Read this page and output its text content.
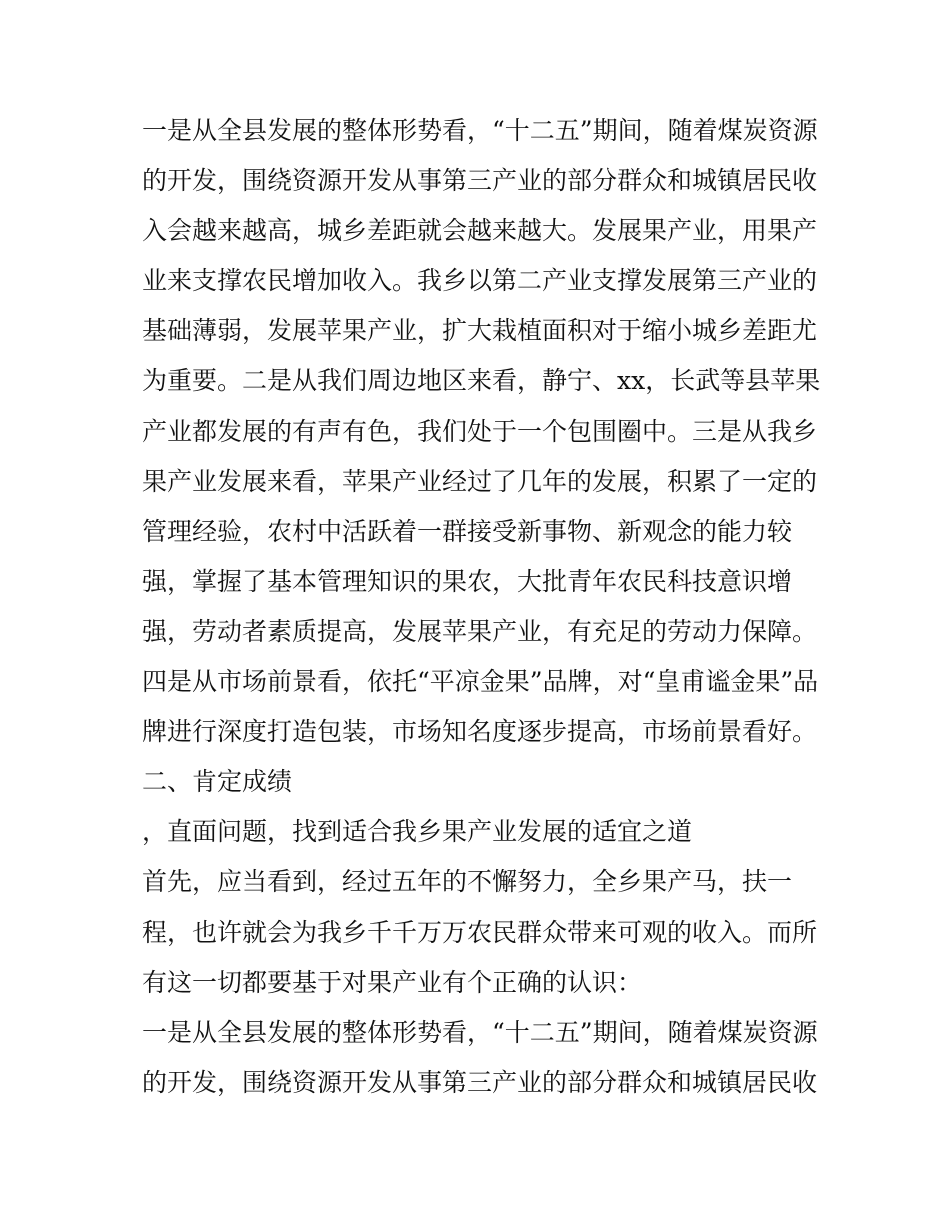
一是从全县发展的整体形势看，“十二五”期间，随着煤炭资源
的开发，围绕资源开发从事第三产业的部分群众和城镇居民收
入会越来越高，城乡差距就会越来越大。发展果产业，用果产
业来支撑农民增加收入。我乡以第二产业支撑发展第三产业的
基础薄弱，发展苹果产业，扩大栽植面积对于缩小城乡差距尤
为重要。二是从我们周边地区来看，静宁、xx，长武等县苹果
产业都发展的有声有色，我们处于一个包围圈中。三是从我乡
果产业发展来看，苹果产业经过了几年的发展，积累了一定的
管理经验，农村中活跃着一群接受新事物、新观念的能力较
强，掌握了基本管理知识的果农，大批青年农民科技意识增
强，劳动者素质提高，发展苹果产业，有充足的劳动力保障。
四是从市场前景看，依托“平凉金果”品牌，对“皇甫谧金果”品
牌进行深度打造包装，市场知名度逐步提高，市场前景看好。
二、肯定成绩
，直面问题，找到适合我乡果产业发展的适宜之道
首先，应当看到，经过五年的不懈努力，全乡果产马，扶一
程，也许就会为我乡千千万万农民群众带来可观的收入。而所
有这一切都要基于对果产业有个正确的认识：
一是从全县发展的整体形势看，“十二五”期间，随着煤炭资源
的开发，围绕资源开发从事第三产业的部分群众和城镇居民收
